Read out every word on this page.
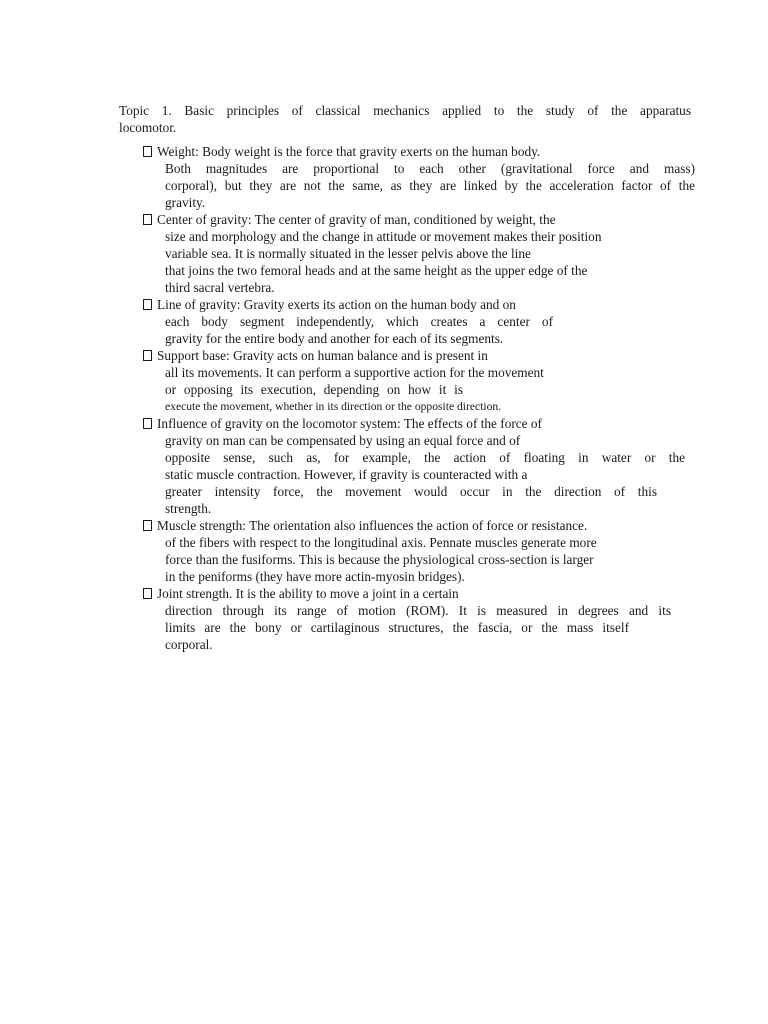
Topic 1. Basic principles of classical mechanics applied to the study of the apparatus
locomotor.
Weight: Body weight is the force that gravity exerts on the human body.
Both magnitudes are proportional to each other (gravitational force and mass)
corporal), but they are not the same, as they are linked by the acceleration factor of the
gravity.
Center of gravity: The center of gravity of man, conditioned by weight, the
size and morphology and the change in attitude or movement makes their position
variable sea. It is normally situated in the lesser pelvis above the line
that joins the two femoral heads and at the same height as the upper edge of the
third sacral vertebra.
Line of gravity: Gravity exerts its action on the human body and on
each body segment independently, which creates a center of
gravity for the entire body and another for each of its segments.
Support base: Gravity acts on human balance and is present in
all its movements. It can perform a supportive action for the movement
or opposing its execution, depending on how it is
execute the movement, whether in its direction or the opposite direction.
Influence of gravity on the locomotor system: The effects of the force of
gravity on man can be compensated by using an equal force and of
opposite sense, such as, for example, the action of floating in water or the
static muscle contraction. However, if gravity is counteracted with a
greater intensity force, the movement would occur in the direction of this
strength.
Muscle strength: The orientation also influences the action of force or resistance.
of the fibers with respect to the longitudinal axis. Pennate muscles generate more
force than the fusiforms. This is because the physiological cross-section is larger
in the peniforms (they have more actin-myosin bridges).
Joint strength. It is the ability to move a joint in a certain
direction through its range of motion (ROM). It is measured in degrees and its
limits are the bony or cartilaginous structures, the fascia, or the mass itself
corporal.
